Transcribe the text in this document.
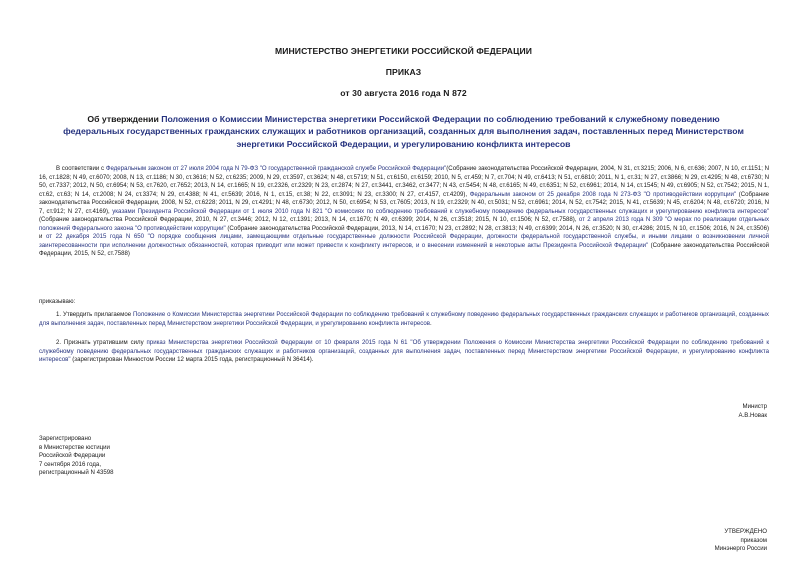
МИНИСТЕРСТВО ЭНЕРГЕТИКИ РОССИЙСКОЙ ФЕДЕРАЦИИ
ПРИКАЗ
от 30 августа 2016 года N 872
Об утверждении Положения о Комиссии Министерства энергетики Российской Федерации по соблюдению требований к служебному поведению федеральных государственных гражданских служащих и работников организаций, созданных для выполнения задач, поставленных перед Министерством энергетики Российской Федерации, и урегулированию конфликта интересов
В соответствии с Федеральным законом от 27 июля 2004 года N 79-ФЗ "О государственной гражданской службе Российской Федерации"(Собрание законодательства Российской Федерации, 2004, N 31, ст.3215; 2006, N 6, ст.636; 2007, N 10, ст.1151; N 16, ст.1828; N 49, ст.6070; 2008, N 13, ст.1186; N 30, ст.3616; N 52, ст.6235; 2009, N 29, ст.3597, ст.3624; N 48, ст.5719; N 51, ст.6150, ст.6159; 2010, N 5, ст.459; N 7, ст.704; N 49, ст.6413; N 51, ст.6810; 2011, N 1, ст.31; N 27, ст.3866; N 29, ст.4295; N 48, ст.6730; N 50, ст.7337; 2012, N 50, ст.6954; N 53, ст.7620, ст.7652; 2013, N 14, ст.1665; N 19, ст.2326, ст.2329; N 23, ст.2874; N 27, ст.3441, ст.3462, ст.3477; N 43, ст.5454; N 48, ст.6165; N 49, ст.6351; N 52, ст.6961; 2014, N 14, ст.1545; N 49, ст.6905; N 52, ст.7542; 2015, N 1, ст.62, ст.63; N 14, ст.2008; N 24, ст.3374; N 29, ст.4388; N 41, ст.5639; 2016, N 1, ст.15, ст.38; N 22, ст.3091; N 23, ст.3300; N 27, ст.4157, ст.4209), Федеральным законом от 25 декабря 2008 года N 273-ФЗ "О противодействии коррупции" (Собрание законодательства Российской Федерации, 2008, N 52, ст.6228; 2011, N 29, ст.4291; N 48, ст.6730; 2012, N 50, ст.6954; N 53, ст.7605; 2013, N 19, ст.2329; N 40, ст.5031; N 52, ст.6961; 2014, N 52, ст.7542; 2015, N 41, ст.5639; N 45, ст.6204; N 48, ст.6720; 2016, N 7, ст.912; N 27, ст.4169), указами Президента Российской Федерации от 1 июля 2010 года N 821 "О комиссиях по соблюдению требований к служебному поведению федеральных государственных служащих и урегулированию конфликта интересов" (Собрание законодательства Российской Федерации, 2010, N 27, ст.3446; 2012, N 12, ст.1391; 2013, N 14, ст.1670; N 49, ст.6399; 2014, N 26, ст.3518; 2015, N 10, ст.1506; N 52, ст.7588), от 2 апреля 2013 года N 309 "О мерах по реализации отдельных положений Федерального закона "О противодействии коррупции" (Собрание законодательства Российской Федерации, 2013, N 14, ст.1670; N 23, ст.2892; N 28, ст.3813; N 49, ст.6399; 2014, N 26, ст.3520; N 30, ст.4286; 2015, N 10, ст.1506; 2016, N 24, ст.3506) и от 22 декабря 2015 года N 650 "О порядке сообщения лицами, замещающими отдельные государственные должности Российской Федерации, должности федеральной государственной службы, и иными лицами о возникновении личной заинтересованности при исполнении должностных обязанностей, которая приводит или может привести к конфликту интересов, и о внесении изменений в некоторые акты Президента Российской Федерации" (Собрание законодательства Российской Федерации, 2015, N 52, ст.7588)
приказываю:
1. Утвердить прилагаемое Положение о Комиссии Министерства энергетики Российской Федерации по соблюдению требований к служебному поведению федеральных государственных гражданских служащих и работников организаций, созданных для выполнения задач, поставленных перед Министерством энергетики Российской Федерации, и урегулированию конфликта интересов.
2. Признать утратившим силу приказ Министерства энергетики Российской Федерации от 10 февраля 2015 года N 61 "Об утверждении Положения о Комиссии Министерства энергетики Российской Федерации по соблюдению требований к служебному поведению федеральных государственных гражданских служащих и работников организаций, созданных для выполнения задач, поставленных перед Министерством энергетики Российской Федерации, и урегулированию конфликта интересов" (зарегистрирован Минюстом России 12 марта 2015 года, регистрационный N 36414).
Министр
А.В.Новак
Зарегистрировано
в Министерстве юстиции
Российской Федерации
7 сентября 2016 года,
регистрационный N 43598
УТВЕРЖДЕНО
приказом
Минэнерго России
